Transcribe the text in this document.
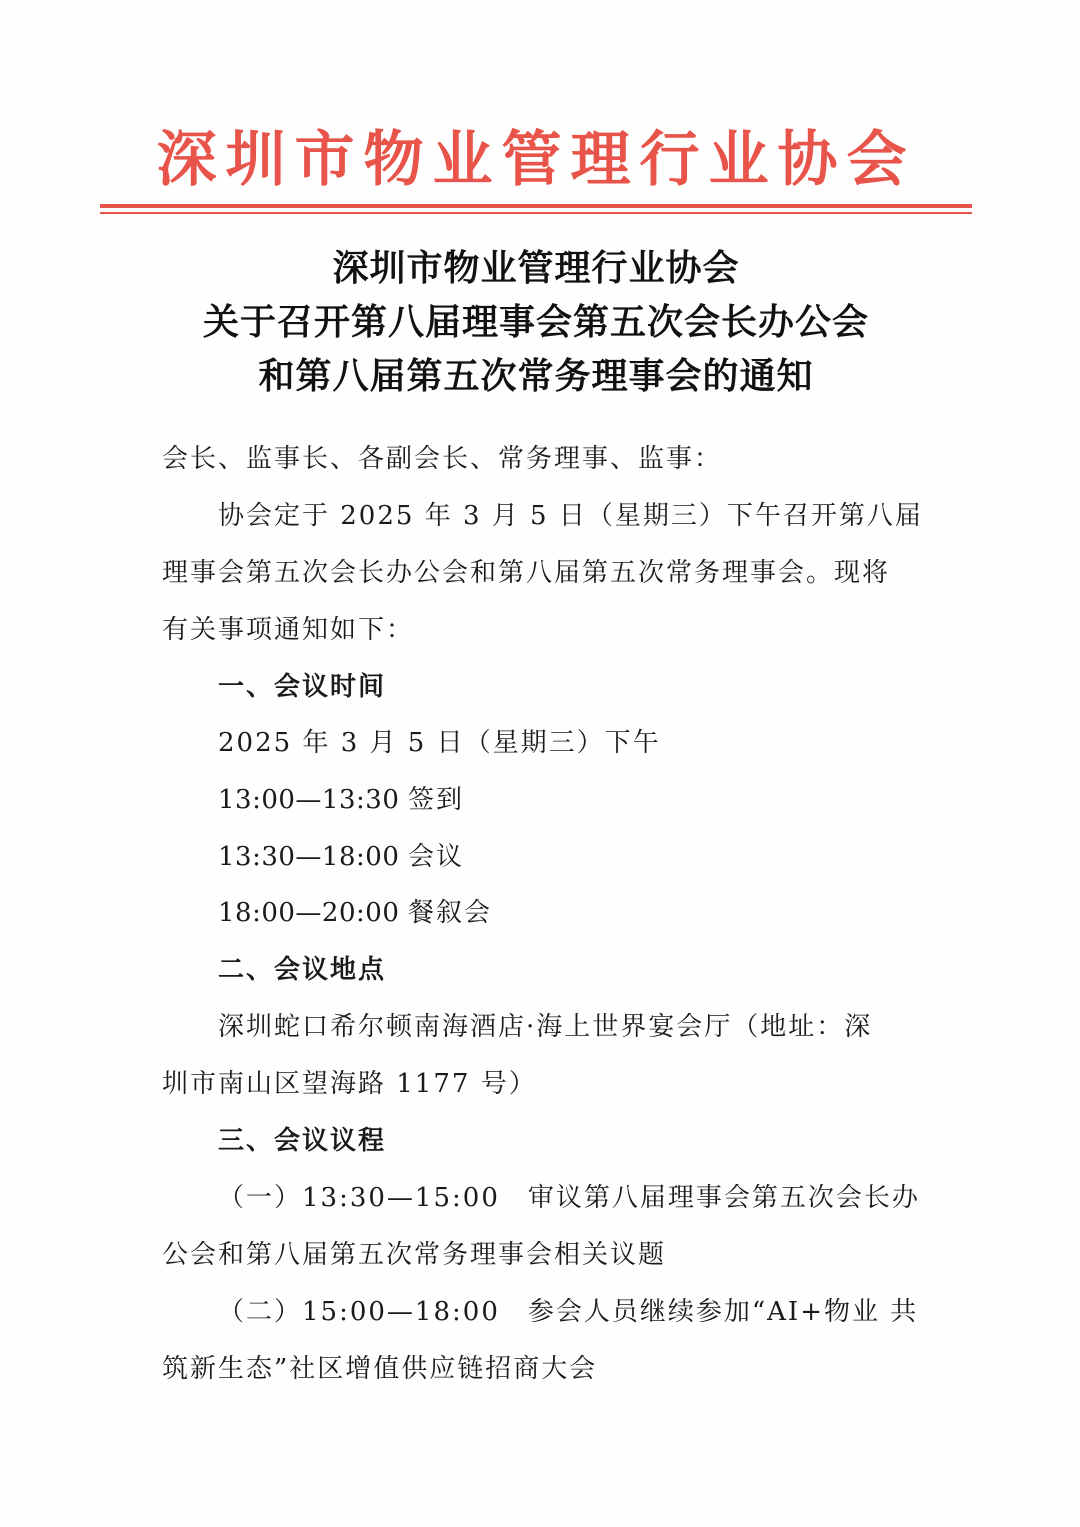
深圳市物业管理行业协会
深圳市物业管理行业协会
关于召开第八届理事会第五次会长办公会
和第八届第五次常务理事会的通知
会长、监事长、各副会长、常务理事、监事：
协会定于 2025 年 3 月 5 日（星期三）下午召开第八届
理事会第五次会长办公会和第八届第五次常务理事会。现将
有关事项通知如下：
一、会议时间
2025 年 3 月 5 日（星期三）下午
13:00—13:30 签到
13:30—18:00 会议
18:00—20:00 餐叙会
二、会议地点
深圳蛇口希尔顿南海酒店·海上世界宴会厅（地址：深
圳市南山区望海路 1177 号）
三、会议议程
（一）13:30—15:00　审议第八届理事会第五次会长办
公会和第八届第五次常务理事会相关议题
（二）15:00—18:00　参会人员继续参加“AI+物业 共
筑新生态”社区增值供应链招商大会
